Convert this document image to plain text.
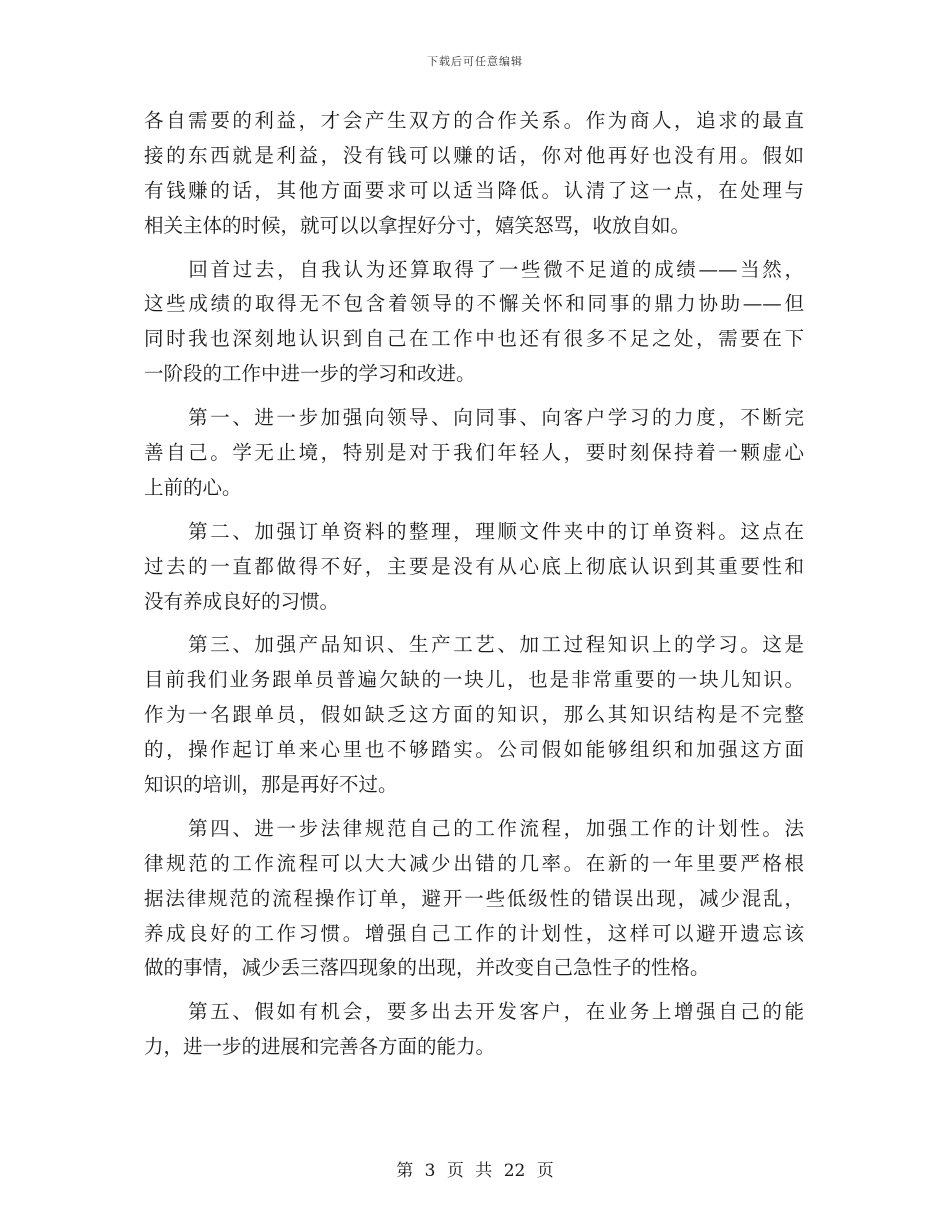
下载后可任意编辑
各自需要的利益，才会产生双方的合作关系。作为商人，追求的最直
接的东西就是利益，没有钱可以赚的话，你对他再好也没有用。假如
有钱赚的话，其他方面要求可以适当降低。认清了这一点，在处理与
相关主体的时候，就可以以拿捏好分寸，嬉笑怒骂，收放自如。
　　回首过去，自我认为还算取得了一些微不足道的成绩——当然，
这些成绩的取得无不包含着领导的不懈关怀和同事的鼎力协助——但
同时我也深刻地认识到自己在工作中也还有很多不足之处，需要在下
一阶段的工作中进一步的学习和改进。
　　第一、进一步加强向领导、向同事、向客户学习的力度，不断完
善自己。学无止境，特别是对于我们年轻人，要时刻保持着一颗虚心
上前的心。
　　第二、加强订单资料的整理，理顺文件夹中的订单资料。这点在
过去的一直都做得不好，主要是没有从心底上彻底认识到其重要性和
没有养成良好的习惯。
　　第三、加强产品知识、生产工艺、加工过程知识上的学习。这是
目前我们业务跟单员普遍欠缺的一块儿，也是非常重要的一块儿知识。
作为一名跟单员，假如缺乏这方面的知识，那么其知识结构是不完整
的，操作起订单来心里也不够踏实。公司假如能够组织和加强这方面
知识的培训，那是再好不过。
　　第四、进一步法律规范自己的工作流程，加强工作的计划性。法
律规范的工作流程可以大大减少出错的几率。在新的一年里要严格根
据法律规范的流程操作订单，避开一些低级性的错误出现，减少混乱，
养成良好的工作习惯。增强自己工作的计划性，这样可以避开遗忘该
做的事情，减少丢三落四现象的出现，并改变自己急性子的性格。
　　第五、假如有机会，要多出去开发客户，在业务上增强自己的能
力，进一步的进展和完善各方面的能力。
第 3 页 共 22 页
